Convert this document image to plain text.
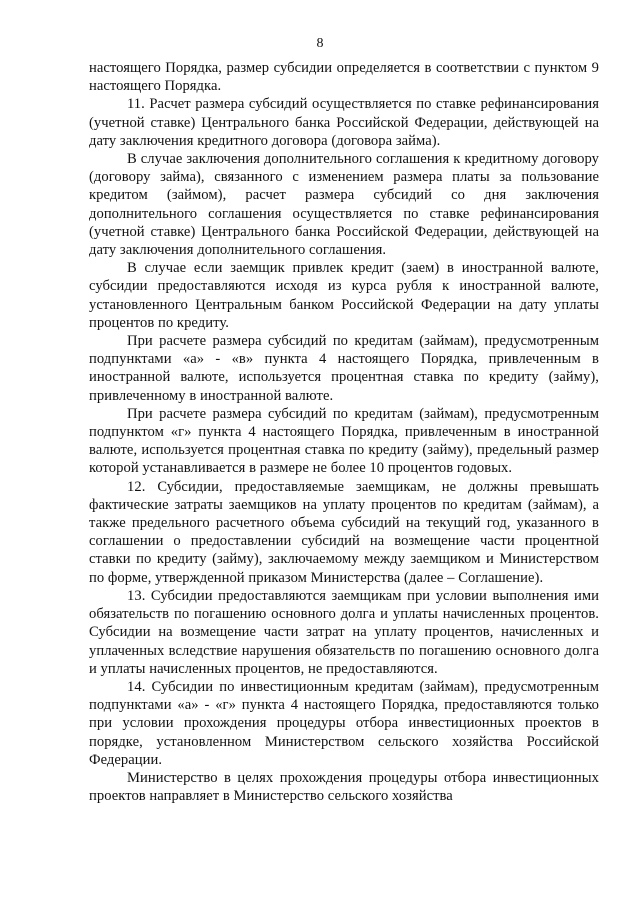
8

настоящего Порядка, размер субсидии определяется в соответствии с пунктом 9 настоящего Порядка.

11. Расчет размера субсидий осуществляется по ставке рефинансирования (учетной ставке) Центрального банка Российской Федерации, действующей на дату заключения кредитного договора (договора займа).

В случае заключения дополнительного соглашения к кредитному договору (договору займа), связанного с изменением размера платы за пользование кредитом (займом), расчет размера субсидий со дня заключения дополнительного соглашения осуществляется по ставке рефинансирования (учетной ставке) Центрального банка Российской Федерации, действующей на дату заключения дополнительного соглашения.

В случае если заемщик привлек кредит (заем) в иностранной валюте, субсидии предоставляются исходя из курса рубля к иностранной валюте, установленного Центральным банком Российской Федерации на дату уплаты процентов по кредиту.

При расчете размера субсидий по кредитам (займам), предусмотренным подпунктами «а» - «в» пункта 4 настоящего Порядка, привлеченным в иностранной валюте, используется процентная ставка по кредиту (займу), привлеченному в иностранной валюте.

При расчете размера субсидий по кредитам (займам), предусмотренным подпунктом «г» пункта 4 настоящего Порядка, привлеченным в иностранной валюте, используется процентная ставка по кредиту (займу), предельный размер которой устанавливается в размере не более 10 процентов годовых.

12. Субсидии, предоставляемые заемщикам, не должны превышать фактические затраты заемщиков на уплату процентов по кредитам (займам), а также предельного расчетного объема субсидий на текущий год, указанного в соглашении о предоставлении субсидий на возмещение части процентной ставки по кредиту (займу), заключаемому между заемщиком и Министерством по форме, утвержденной приказом Министерства (далее – Соглашение).

13. Субсидии предоставляются заемщикам при условии выполнения ими обязательств по погашению основного долга и уплаты начисленных процентов. Субсидии на возмещение части затрат на уплату процентов, начисленных и уплаченных вследствие нарушения обязательств по погашению основного долга и уплаты начисленных процентов, не предоставляются.

14. Субсидии по инвестиционным кредитам (займам), предусмотренным подпунктами «а» - «г» пункта 4 настоящего Порядка, предоставляются только при условии прохождения процедуры отбора инвестиционных проектов в порядке, установленном Министерством сельского хозяйства Российской Федерации.

Министерство в целях прохождения процедуры отбора инвестиционных проектов направляет в Министерство сельского хозяйства
